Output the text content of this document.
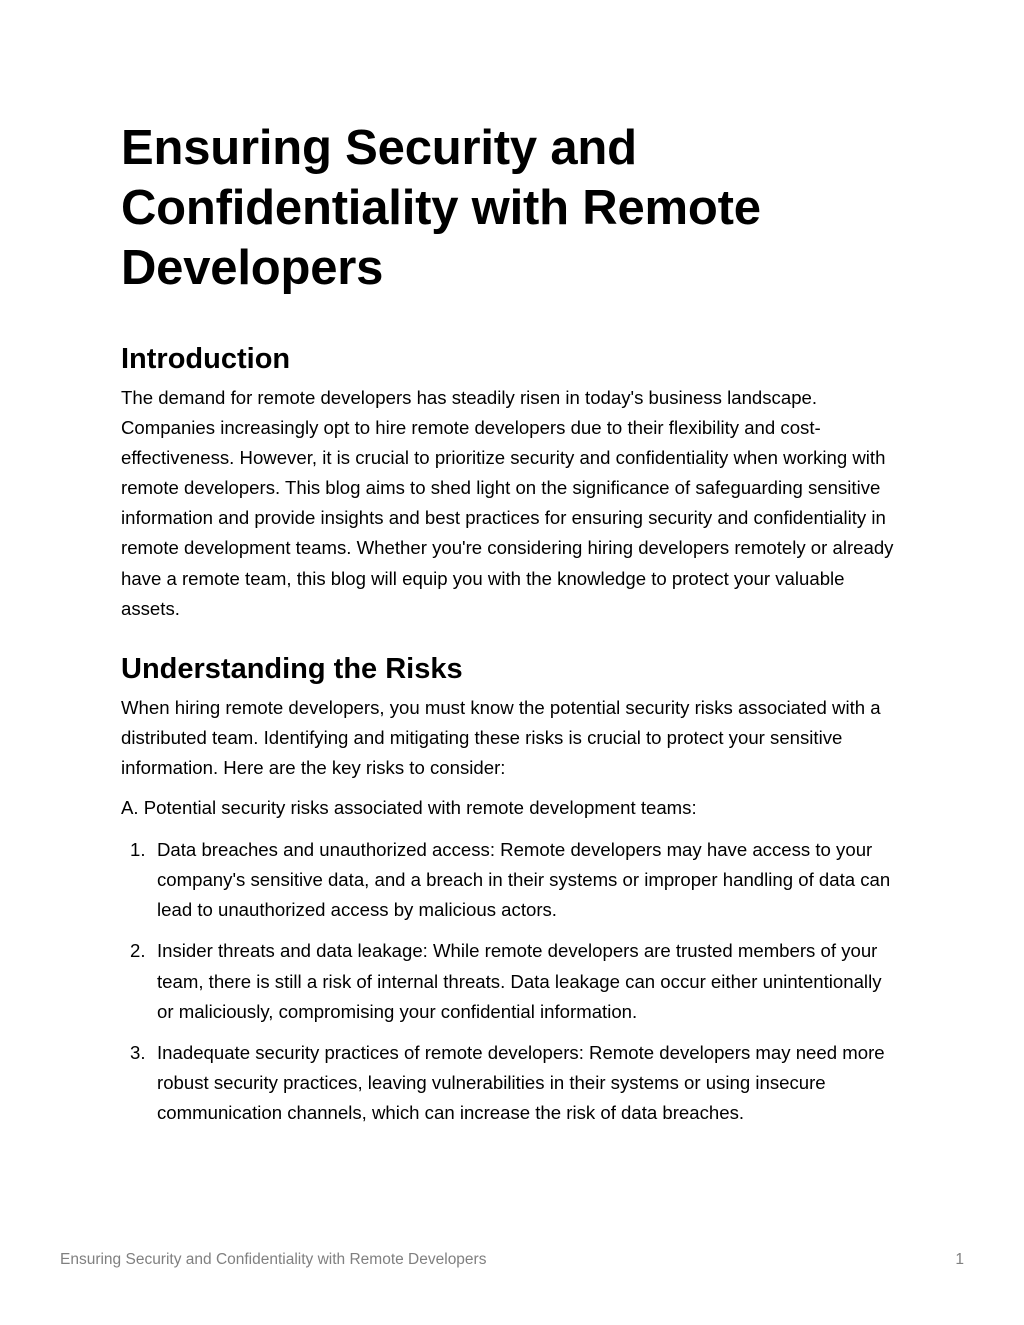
Ensuring Security and Confidentiality with Remote Developers
Introduction

The demand for remote developers has steadily risen in today's business landscape. Companies increasingly opt to hire remote developers due to their flexibility and cost-effectiveness. However, it is crucial to prioritize security and confidentiality when working with remote developers. This blog aims to shed light on the significance of safeguarding sensitive information and provide insights and best practices for ensuring security and confidentiality in remote development teams. Whether you're considering hiring developers remotely or already have a remote team, this blog will equip you with the knowledge to protect your valuable assets.

Understanding the Risks

When hiring remote developers, you must know the potential security risks associated with a distributed team. Identifying and mitigating these risks is crucial to protect your sensitive information. Here are the key risks to consider:

A. Potential security risks associated with remote development teams:

1. Data breaches and unauthorized access: Remote developers may have access to your company's sensitive data, and a breach in their systems or improper handling of data can lead to unauthorized access by malicious actors.
2. Insider threats and data leakage: While remote developers are trusted members of your team, there is still a risk of internal threats. Data leakage can occur either unintentionally or maliciously, compromising your confidential information.
3. Inadequate security practices of remote developers: Remote developers may need more robust security practices, leaving vulnerabilities in their systems or using insecure communication channels, which can increase the risk of data breaches.
Ensuring Security and Confidentiality with Remote Developers	1
